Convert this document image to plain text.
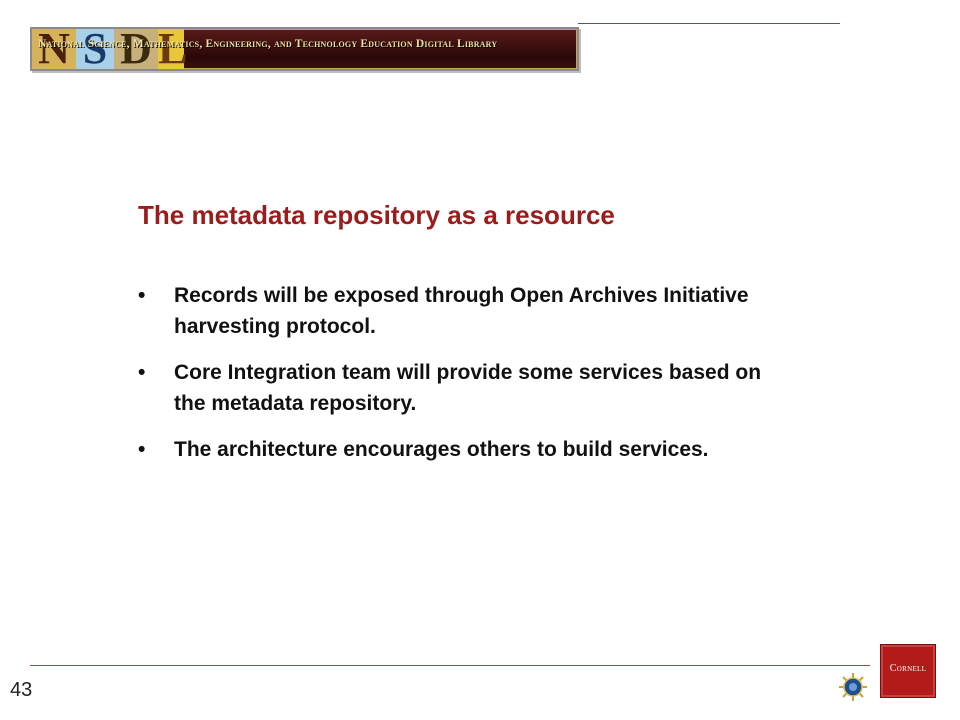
N S D L
National Science, Mathematics, Engineering, and Technology Education Digital Library
The metadata repository as a resource
• Records will be exposed through Open Archives Initiative harvesting protocol.
• Core Integration team will provide some services based on the metadata repository.
• The architecture encourages others to build services.
43
Cornell
